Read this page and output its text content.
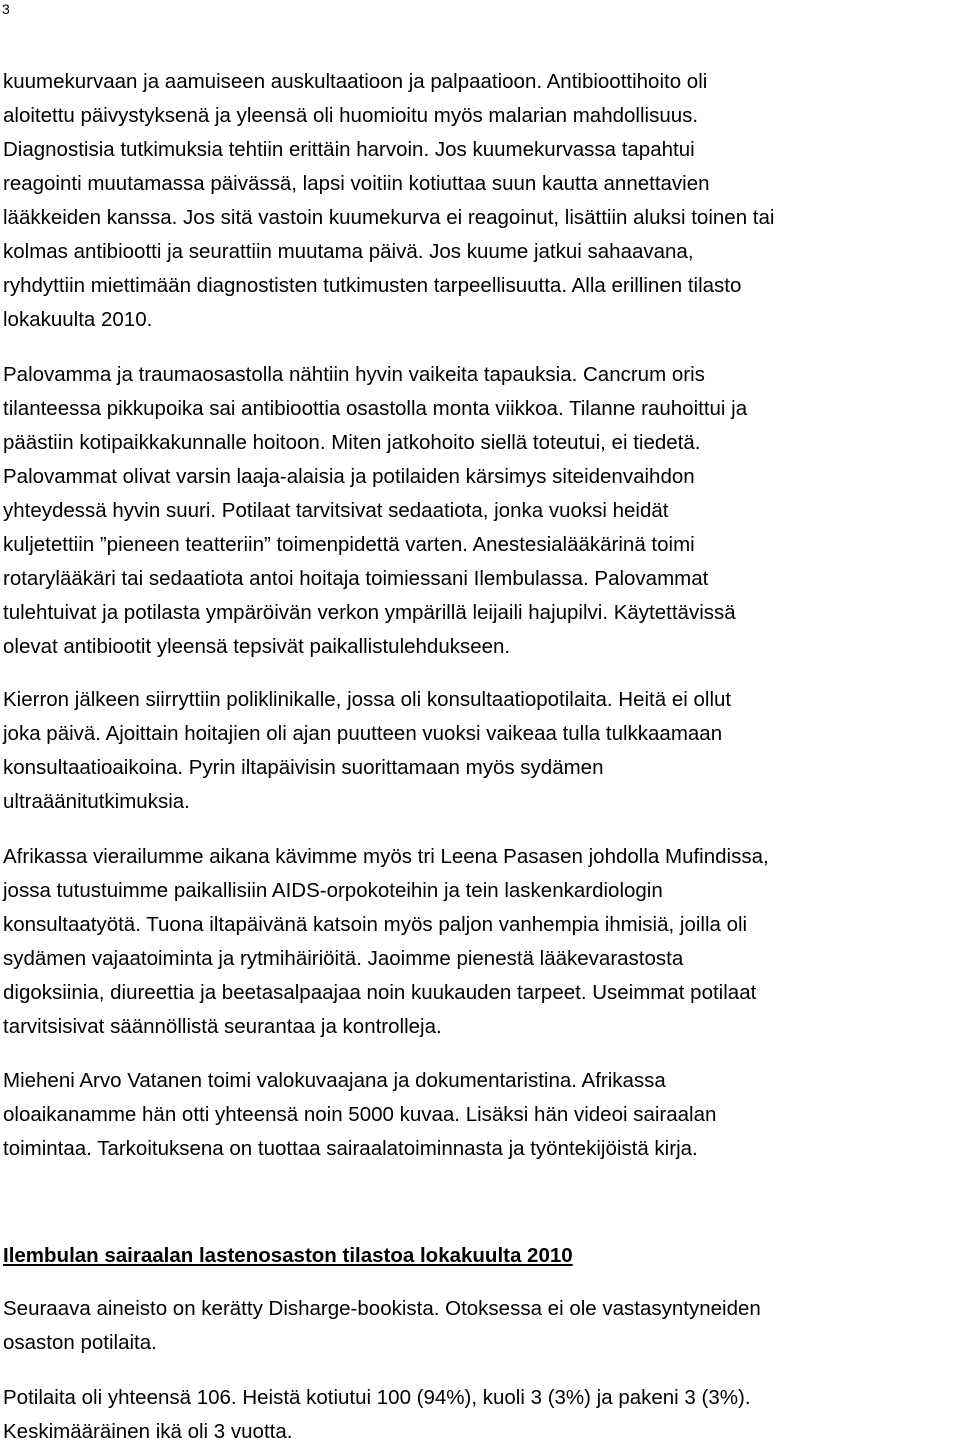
3
kuumekurvaan ja aamuiseen auskultaatioon ja palpaatioon. Antibioottihoito oli
aloitettu päivystyksenä ja yleensä oli huomioitu myös malarian mahdollisuus.
Diagnostisia tutkimuksia tehtiin erittäin harvoin. Jos kuumekurvassa tapahtui
reagointi muutamassa päivässä, lapsi voitiin kotiuttaa suun kautta annettavien
lääkkeiden kanssa. Jos sitä vastoin kuumekurva ei reagoinut, lisättiin aluksi toinen tai
kolmas antibiootti ja seurattiin muutama päivä. Jos kuume jatkui sahaavana,
ryhdyttiin miettimään diagnostisten tutkimusten tarpeellisuutta. Alla erillinen tilasto
lokakuulta 2010.
Palovamma ja traumaosastolla nähtiin hyvin vaikeita tapauksia. Cancrum oris
tilanteessa pikkupoika sai antibioottia osastolla monta viikkoa. Tilanne rauhoittui ja
päästiin kotipaikkakunnalle hoitoon. Miten jatkohoito siellä toteutui, ei tiedetä.
Palovammat olivat varsin laaja-alaisia ja potilaiden kärsimys siteidenvaihdon
yhteydessä hyvin suuri. Potilaat tarvitsivat sedaatiota, jonka vuoksi heidät
kuljetettiin ”pieneen teatteriin” toimenpidettä varten. Anestesialääkärinä toimi
rotarylääkäri tai sedaatiota antoi hoitaja toimiessani Ilembulassa. Palovammat
tulehtuivat ja potilasta ympäröivän verkon ympärillä leijaili hajupilvi. Käytettävissä
olevat antibiootit yleensä tepsivät paikallistulehdukseen.
Kierron jälkeen siirryttiin poliklinikalle, jossa oli konsultaatiopotilaita. Heitä ei ollut
joka päivä. Ajoittain hoitajien oli ajan puutteen vuoksi vaikeaa tulla tulkkaamaan
konsultaatioaikoina. Pyrin iltapäivisin suorittamaan myös sydämen
ultraäänitutkimuksia.
Afrikassa vierailumme aikana kävimme myös tri Leena Pasasen johdolla Mufindissa,
jossa tutustuimme paikallisiin AIDS-orpokoteihin ja tein laskenkardiologin
konsultaatyötä. Tuona iltapäivänä katsoin myös paljon vanhempia ihmisiä, joilla oli
sydämen vajaatoiminta ja rytmihäiriöitä. Jaoimme pienestä lääkevarastosta
digoksiinia, diureettia ja beetasalpaajaa noin kuukauden tarpeet. Useimmat potilaat
tarvitsisivat säännöllistä seurantaa ja kontrolleja.
Mieheni Arvo Vatanen toimi valokuvaajana ja dokumentaristina. Afrikassa
oloaikanamme hän otti yhteensä noin 5000 kuvaa. Lisäksi hän videoi sairaalan
toimintaa. Tarkoituksena on tuottaa sairaalatoiminnasta ja työntekijöistä kirja.
Ilembulan sairaalan lastenosaston tilastoa lokakuulta 2010
Seuraava aineisto on kerätty Disharge-bookista. Otoksessa ei ole vastasyntyneiden
osaston potilaita.
Potilaita oli yhteensä 106. Heistä kotiutui 100 (94%), kuoli 3 (3%) ja pakeni 3 (3%).
Keskimääräinen ikä oli 3 vuotta.
